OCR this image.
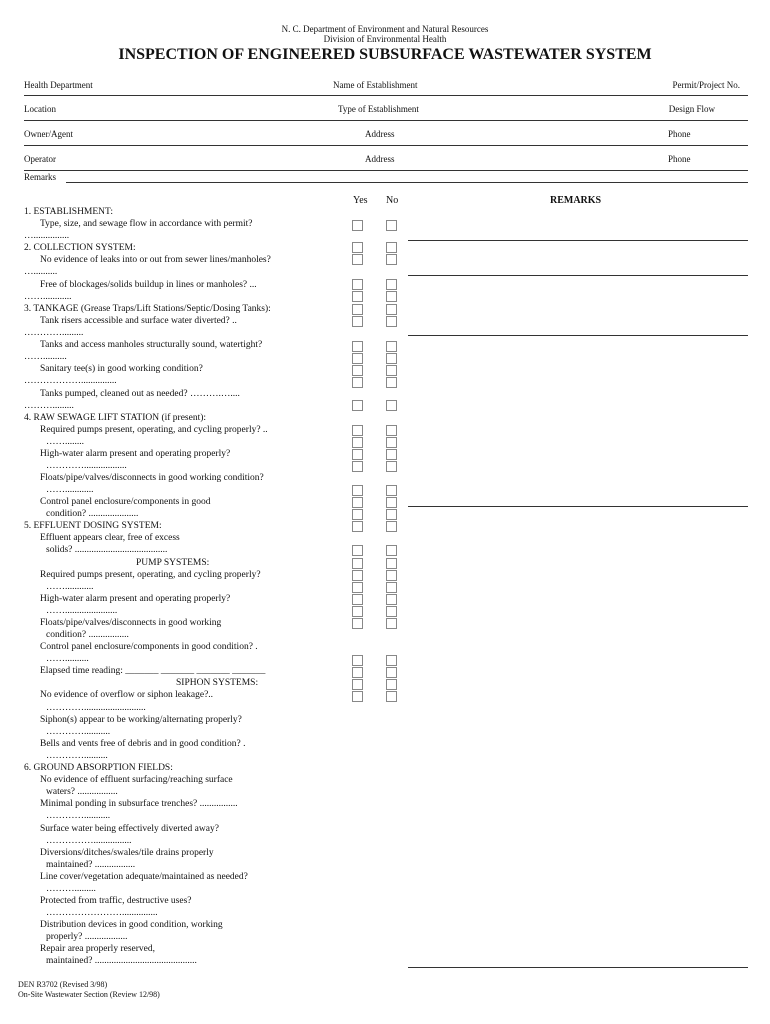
N. C. Department of Environment and Natural Resources
Division of Environmental Health
INSPECTION OF ENGINEERED SUBSURFACE WASTEWATER SYSTEM
Health Department	Name of Establishment	Permit/Project No.
Location	Type of Establishment	Design Flow
Owner/Agent	Address	Phone
Operator	Address	Phone
Remarks
Yes No	REMARKS
1. ESTABLISHMENT:
Type, size, and sewage flow in accordance with permit?
…...............
2. COLLECTION SYSTEM:
No evidence of leaks into or out from sewer lines/manholes?
…..........
Free of blockages/solids buildup in lines or manholes? ...
……............
3. TANKAGE (Grease Traps/Lift Stations/Septic/Dosing Tanks):
Tank risers accessible and surface water diverted? ..
………….........
Tanks and access manholes structurally sound, watertight?
……..........
Sanitary tee(s) in good working condition?
………………...............
Tanks pumped, cleaned out as needed? ……….…....
……….........
4. RAW SEWAGE LIFT STATION (if present):
Required pumps present, operating, and cycling properly? ..
……........
High-water alarm present and operating properly?
…………..................
Floats/pipe/valves/disconnects in good working condition?
……............
Control panel enclosure/components in good
condition? .....................
5. EFFLUENT DOSING SYSTEM:
Effluent appears clear, free of excess
solids? .......................................
PUMP SYSTEMS:
Required pumps present, operating, and cycling properly?
……............
High-water alarm present and operating properly?
……......................
Floats/pipe/valves/disconnects in good working
condition? .................
Control panel enclosure/components in good condition? .
……..........
Elapsed time reading: _______ _______ _______ _______
SIPHON SYSTEMS:
No evidence of overflow or siphon leakage?..
…………..........................
Siphon(s) appear to be working/alternating properly?
…………...........
Bells and vents free of debris and in good condition? .
…………..........
6. GROUND ABSORPTION FIELDS:
No evidence of effluent surfacing/reaching surface
waters? .................
Minimal ponding in subsurface trenches? ................
…………...........
Surface water being effectively diverted away?
……………................
Diversions/ditches/swales/tile drains properly
maintained? .................
Line cover/vegetation adequate/maintained as needed?
……….........
Protected from traffic, destructive uses?
……………………...............
Distribution devices in good condition, working
properly? ..................
Repair area properly reserved,
maintained? ...........................................
DEN R3702 (Revised 3/98)
On-Site Wastewater Section (Review 12/98)
